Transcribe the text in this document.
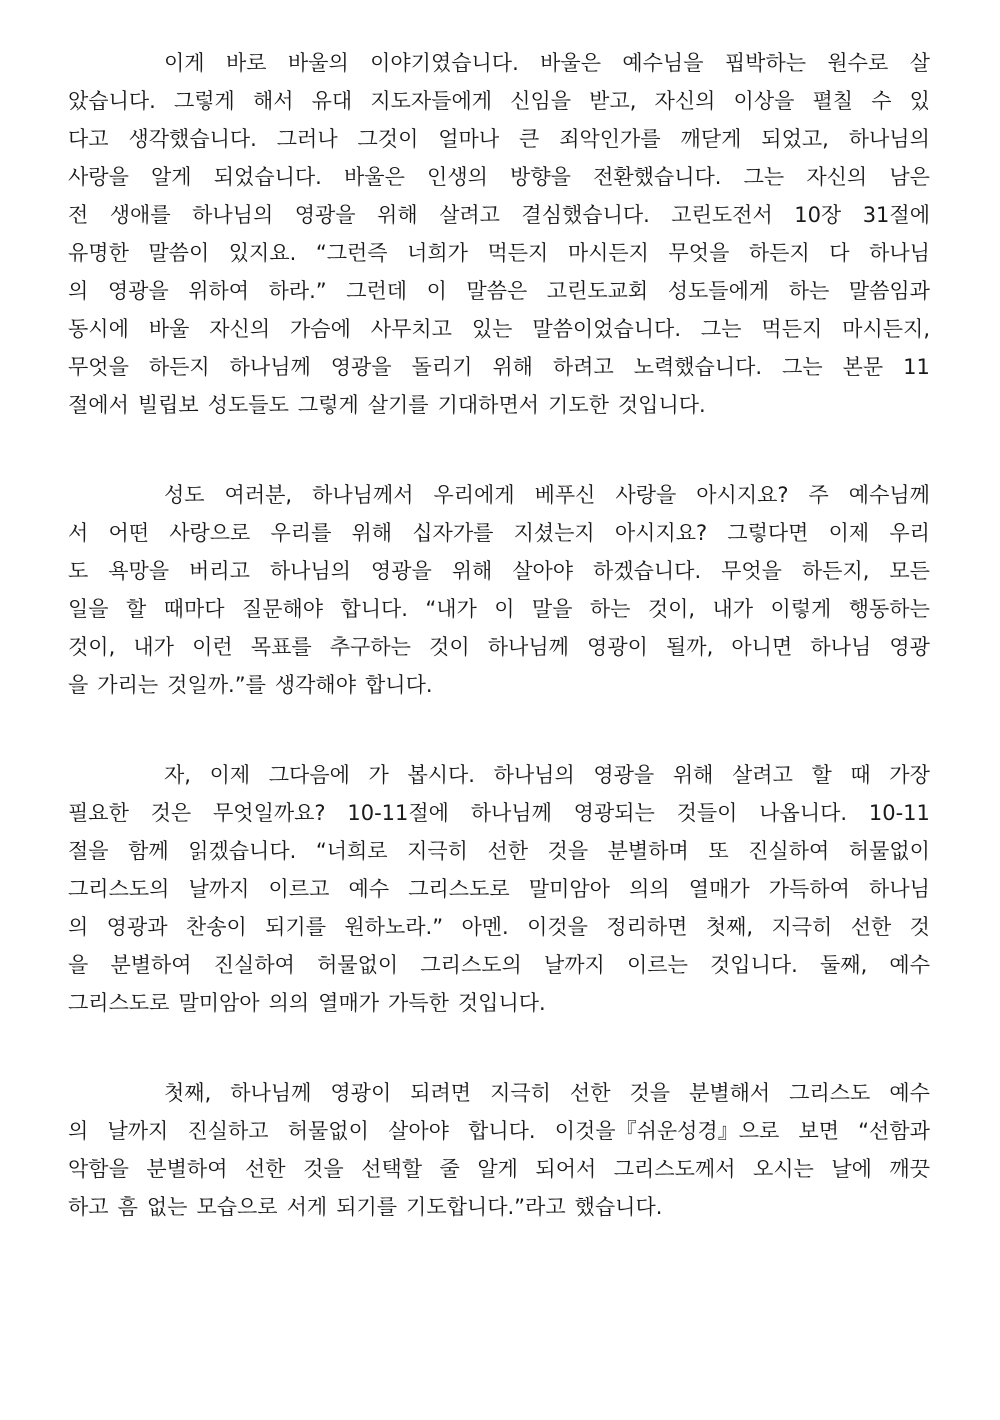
이게 바로 바울의 이야기였습니다. 바울은 예수님을 핍박하는 원수로 살
았습니다. 그렇게 해서 유대 지도자들에게 신임을 받고, 자신의 이상을 펼칠 수 있
다고 생각했습니다. 그러나 그것이 얼마나 큰 죄악인가를 깨닫게 되었고, 하나님의
사랑을 알게 되었습니다. 바울은 인생의 방향을 전환했습니다. 그는 자신의 남은
전 생애를 하나님의 영광을 위해 살려고 결심했습니다. 고린도전서 10장 31절에
유명한 말씀이 있지요. “그런즉 너희가 먹든지 마시든지 무엇을 하든지 다 하나님
의 영광을 위하여 하라.” 그런데 이 말씀은 고린도교회 성도들에게 하는 말씀임과
동시에 바울 자신의 가슴에 사무치고 있는 말씀이었습니다. 그는 먹든지 마시든지,
무엇을 하든지 하나님께 영광을 돌리기 위해 하려고 노력했습니다. 그는 본문 11
절에서 빌립보 성도들도 그렇게 살기를 기대하면서 기도한 것입니다.
성도 여러분, 하나님께서 우리에게 베푸신 사랑을 아시지요? 주 예수님께
서 어떤 사랑으로 우리를 위해 십자가를 지셨는지 아시지요? 그렇다면 이제 우리
도 욕망을 버리고 하나님의 영광을 위해 살아야 하겠습니다. 무엇을 하든지, 모든
일을 할 때마다 질문해야 합니다. “내가 이 말을 하는 것이, 내가 이렇게 행동하는
것이, 내가 이런 목표를 추구하는 것이 하나님께 영광이 될까, 아니면 하나님 영광
을 가리는 것일까.”를 생각해야 합니다.
자, 이제 그다음에 가 봅시다. 하나님의 영광을 위해 살려고 할 때 가장
필요한 것은 무엇일까요? 10-11절에 하나님께 영광되는 것들이 나옵니다. 10-11
절을 함께 읽겠습니다. “너희로 지극히 선한 것을 분별하며 또 진실하여 허물없이
그리스도의 날까지 이르고 예수 그리스도로 말미암아 의의 열매가 가득하여 하나님
의 영광과 찬송이 되기를 원하노라.” 아멘. 이것을 정리하면 첫째, 지극히 선한 것
을 분별하여 진실하여 허물없이 그리스도의 날까지 이르는 것입니다. 둘째, 예수
그리스도로 말미암아 의의 열매가 가득한 것입니다.
첫째, 하나님께 영광이 되려면 지극히 선한 것을 분별해서 그리스도 예수
의 날까지 진실하고 허물없이 살아야 합니다. 이것을『쉬운성경』으로 보면 “선함과
악함을 분별하여 선한 것을 선택할 줄 알게 되어서 그리스도께서 오시는 날에 깨끗
하고 흠 없는 모습으로 서게 되기를 기도합니다.”라고 했습니다.
